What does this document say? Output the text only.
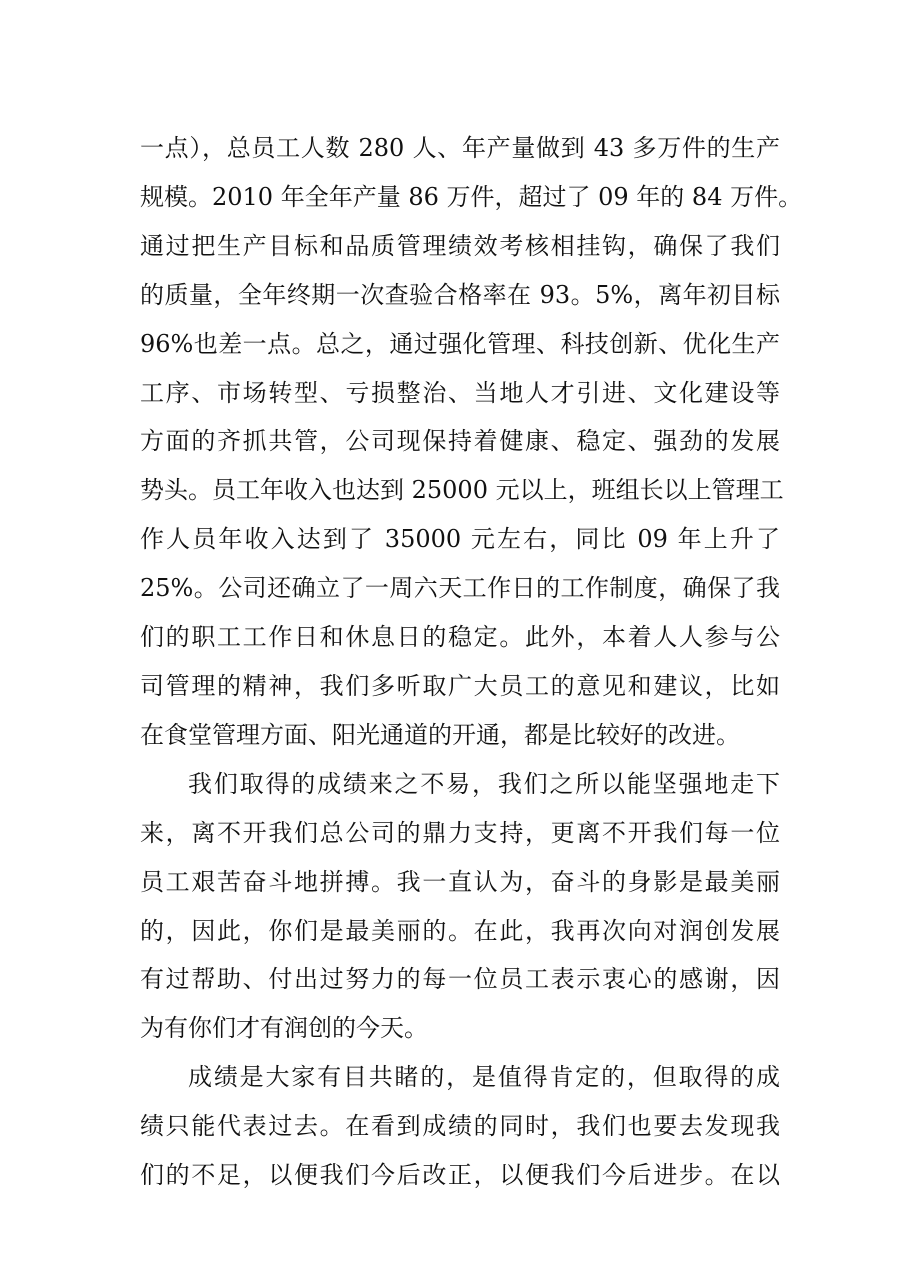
一点），总员工人数 280 人、年产量做到 43 多万件的生产
规模。2010 年全年产量 86 万件，超过了 09 年的 84 万件。
通过把生产目标和品质管理绩效考核相挂钩，确保了我们
的质量，全年终期一次查验合格率在 93。5%，离年初目标
96%也差一点。总之，通过强化管理、科技创新、优化生产
工序、市场转型、亏损整治、当地人才引进、文化建设等
方面的齐抓共管，公司现保持着健康、稳定、强劲的发展
势头。员工年收入也达到 25000 元以上，班组长以上管理工
作人员年收入达到了 35000 元左右，同比 09 年上升了
25%。公司还确立了一周六天工作日的工作制度，确保了我
们的职工工作日和休息日的稳定。此外，本着人人参与公
司管理的精神，我们多听取广大员工的意见和建议，比如
在食堂管理方面、阳光通道的开通，都是比较好的改进。

我们取得的成绩来之不易，我们之所以能坚强地走下
来，离不开我们总公司的鼎力支持，更离不开我们每一位
员工艰苦奋斗地拼搏。我一直认为，奋斗的身影是最美丽
的，因此，你们是最美丽的。在此，我再次向对润创发展
有过帮助、付出过努力的每一位员工表示衷心的感谢，因
为有你们才有润创的今天。

成绩是大家有目共睹的，是值得肯定的，但取得的成
绩只能代表过去。在看到成绩的同时，我们也要去发现我
们的不足，以便我们今后改正，以便我们今后进步。在以
